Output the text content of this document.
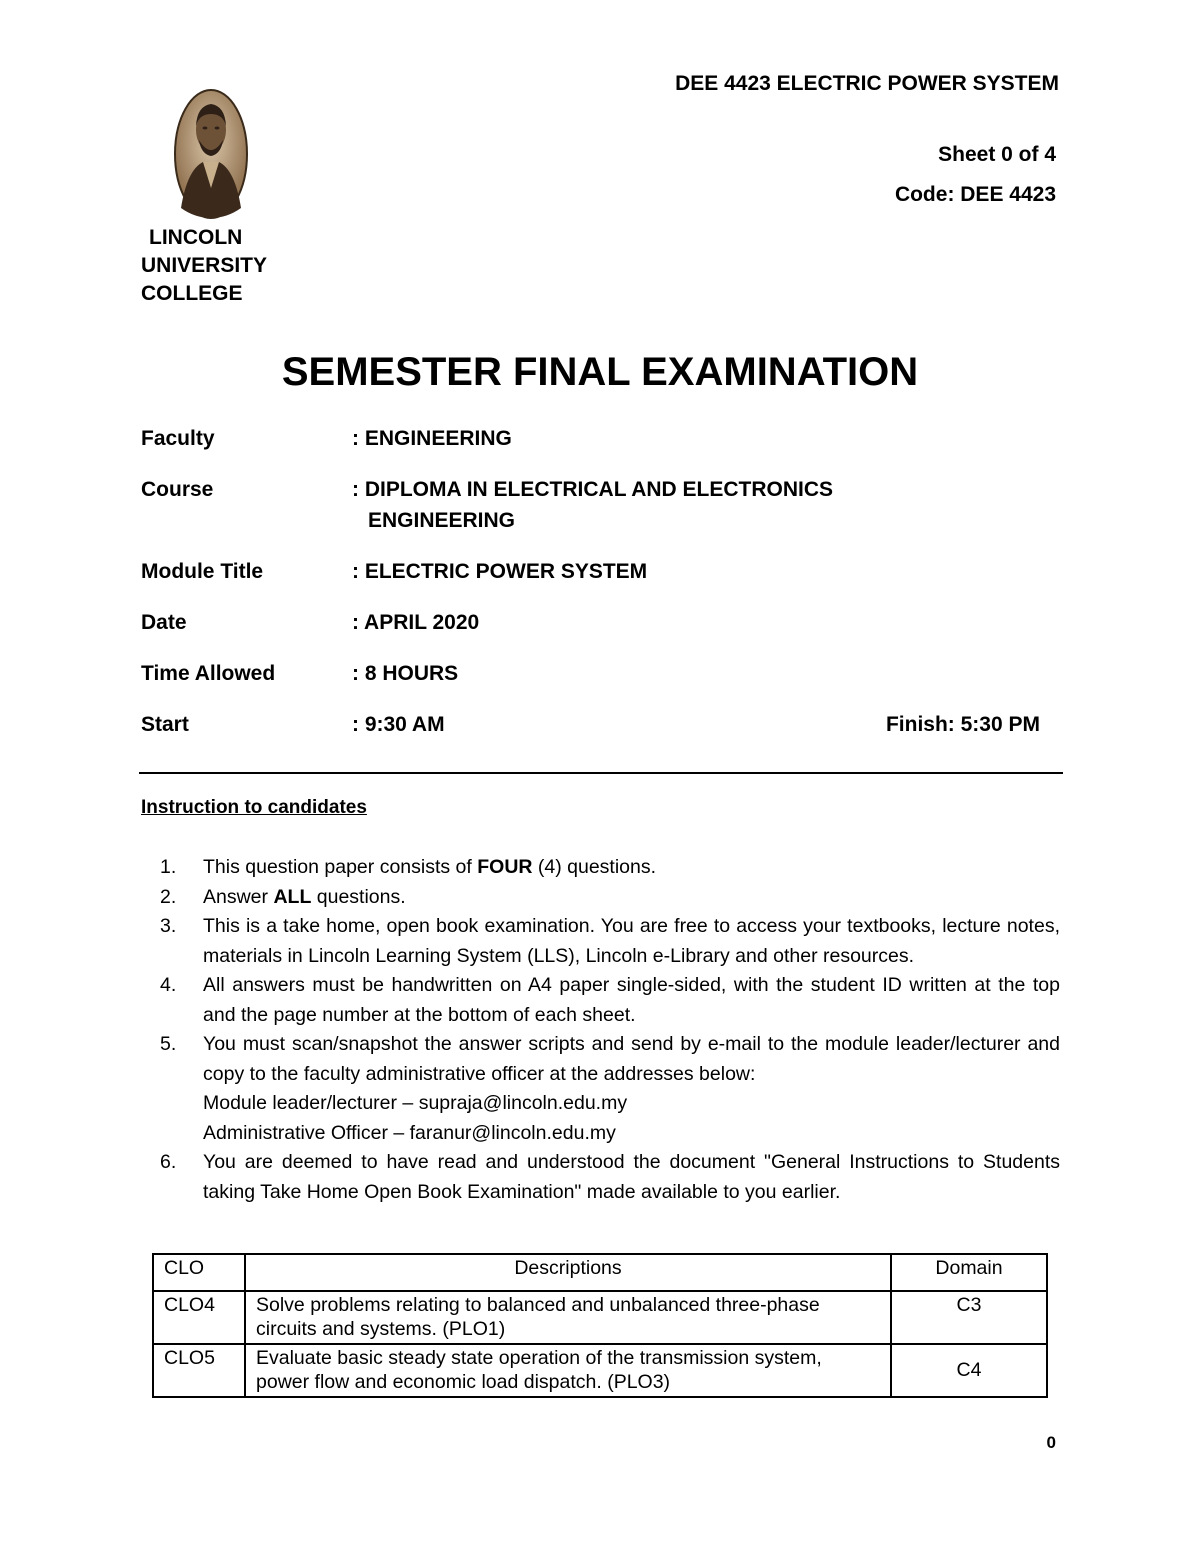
DEE 4423 ELECTRIC POWER SYSTEM
Sheet 0 of 4
Code: DEE 4423
LINCOLN
UNIVERSITY
COLLEGE
SEMESTER FINAL EXAMINATION
Faculty	: ENGINEERING
Course	: DIPLOMA IN ELECTRICAL AND ELECTRONICS
ENGINEERING
Module Title	: ELECTRIC POWER SYSTEM
Date	: APRIL 2020
Time Allowed	: 8 HOURS
Start	: 9:30 AM	Finish: 5:30 PM
Instruction to candidates
1. This question paper consists of FOUR (4) questions.
2. Answer ALL questions.
3. This is a take home, open book examination. You are free to access your textbooks, lecture notes, materials in Lincoln Learning System (LLS), Lincoln e-Library and other resources.
4. All answers must be handwritten on A4 paper single-sided, with the student ID written at the top and the page number at the bottom of each sheet.
5. You must scan/snapshot the answer scripts and send by e-mail to the module leader/lecturer and copy to the faculty administrative officer at the addresses below:
Module leader/lecturer – supraja@lincoln.edu.my
Administrative Officer – faranur@lincoln.edu.my
6. You are deemed to have read and understood the document "General Instructions to Students taking Take Home Open Book Examination" made available to you earlier.
CLO	Descriptions	Domain
CLO4	Solve problems relating to balanced and unbalanced three-phase circuits and systems. (PLO1)	C3
CLO5	Evaluate basic steady state operation of the transmission system, power flow and economic load dispatch. (PLO3)	C4
0
